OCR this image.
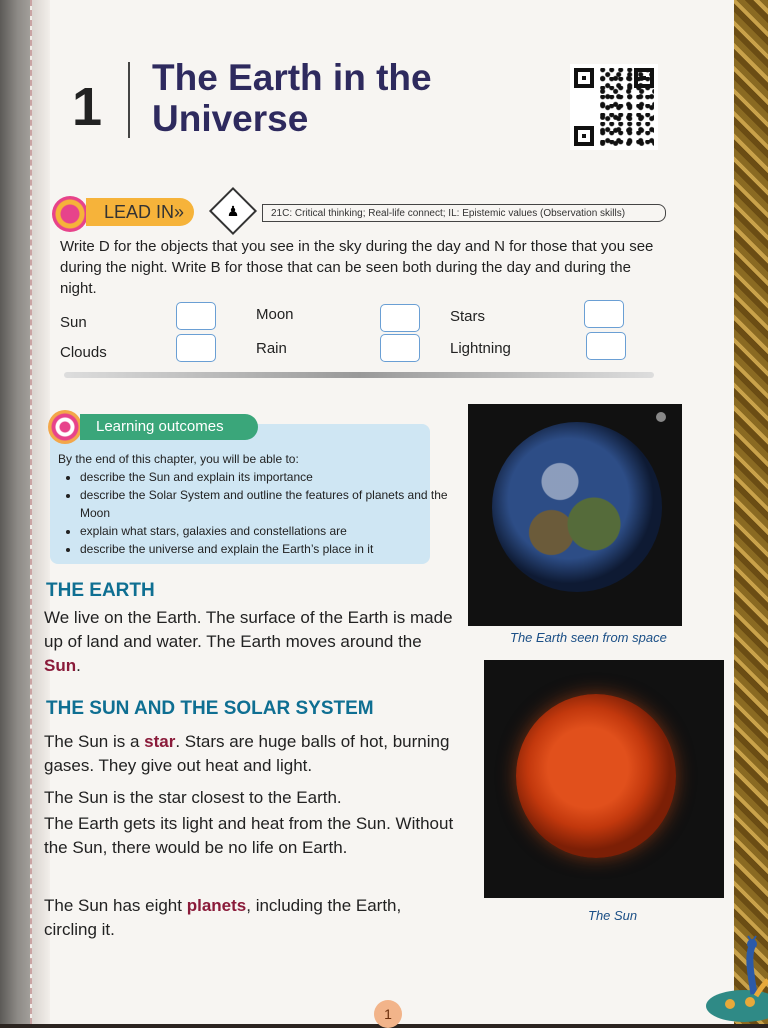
1 The Earth in the Universe
LEAD IN»	♟	21C: Critical thinking; Real-life connect; IL: Epistemic values (Observation skills)
Write D for the objects that you see in the sky during the day and N for those that you see during the night. Write B for those that can be seen both during the day and during the night.
Sun	Moon	Stars
Clouds	Rain	Lightning
Learning outcomes
By the end of this chapter, you will be able to:
• describe the Sun and explain its importance
• describe the Solar System and outline the features of planets and the Moon
• explain what stars, galaxies and constellations are
• describe the universe and explain the Earth’s place in it
THE EARTH
We live on the Earth. The surface of the Earth is made up of land and water. The Earth moves around the Sun.
THE SUN AND THE SOLAR SYSTEM
The Sun is a star. Stars are huge balls of hot, burning gases. They give out heat and light.
The Sun is the star closest to the Earth.
The Earth gets its light and heat from the Sun. Without the Sun, there would be no life on Earth.
The Sun has eight planets, including the Earth, circling it.
The Earth seen from space
The Sun
1
